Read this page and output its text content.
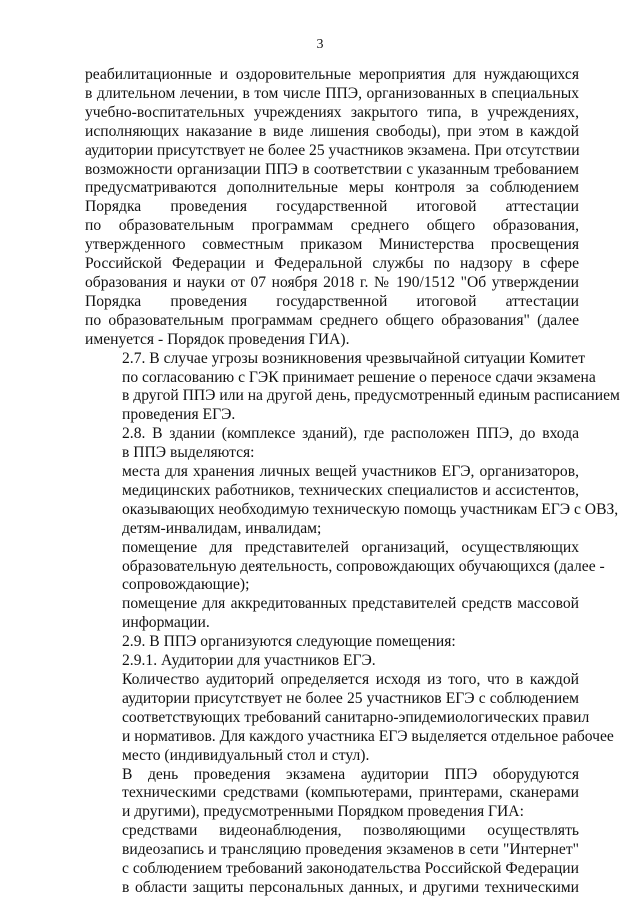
3

реабилитационные и оздоровительные мероприятия для нуждающихся
в длительном лечении, в том числе ППЭ, организованных в специальных
учебно-воспитательных учреждениях закрытого типа, в учреждениях,
исполняющих наказание в виде лишения свободы), при этом в каждой
аудитории присутствует не более 25 участников экзамена. При отсутствии
возможности организации ППЭ в соответствии с указанным требованием
предусматриваются дополнительные меры контроля за соблюдением
Порядка проведения государственной итоговой аттестации
по образовательным программам среднего общего образования,
утвержденного совместным приказом Министерства просвещения
Российской Федерации и Федеральной службы по надзору в сфере
образования и науки от 07 ноября 2018 г. № 190/1512 "Об утверждении
Порядка проведения государственной итоговой аттестации
по образовательным программам среднего общего образования" (далее
именуется - Порядок проведения ГИА).

2.7. В случае угрозы возникновения чрезвычайной ситуации Комитет
по согласованию с ГЭК принимает решение о переносе сдачи экзамена
в другой ППЭ или на другой день, предусмотренный единым расписанием
проведения ЕГЭ.

2.8. В здании (комплексе зданий), где расположен ППЭ, до входа
в ППЭ выделяются:

места для хранения личных вещей участников ЕГЭ, организаторов,
медицинских работников, технических специалистов и ассистентов,
оказывающих необходимую техническую помощь участникам ЕГЭ с ОВЗ,
детям-инвалидам, инвалидам;

помещение для представителей организаций, осуществляющих
образовательную деятельность, сопровождающих обучающихся (далее -
сопровождающие);

помещение для аккредитованных представителей средств массовой
информации.

2.9. В ППЭ организуются следующие помещения:

2.9.1. Аудитории для участников ЕГЭ.

Количество аудиторий определяется исходя из того, что в каждой
аудитории присутствует не более 25 участников ЕГЭ с соблюдением
соответствующих требований санитарно-эпидемиологических правил
и нормативов. Для каждого участника ЕГЭ выделяется отдельное рабочее
место (индивидуальный стол и стул).

В день проведения экзамена аудитории ППЭ оборудуются
техническими средствами (компьютерами, принтерами, сканерами
и другими), предусмотренными Порядком проведения ГИА:

средствами видеонаблюдения, позволяющими осуществлять
видеозапись и трансляцию проведения экзаменов в сети "Интернет"
с соблюдением требований законодательства Российской Федерации
в области защиты персональных данных, и другими техническими
